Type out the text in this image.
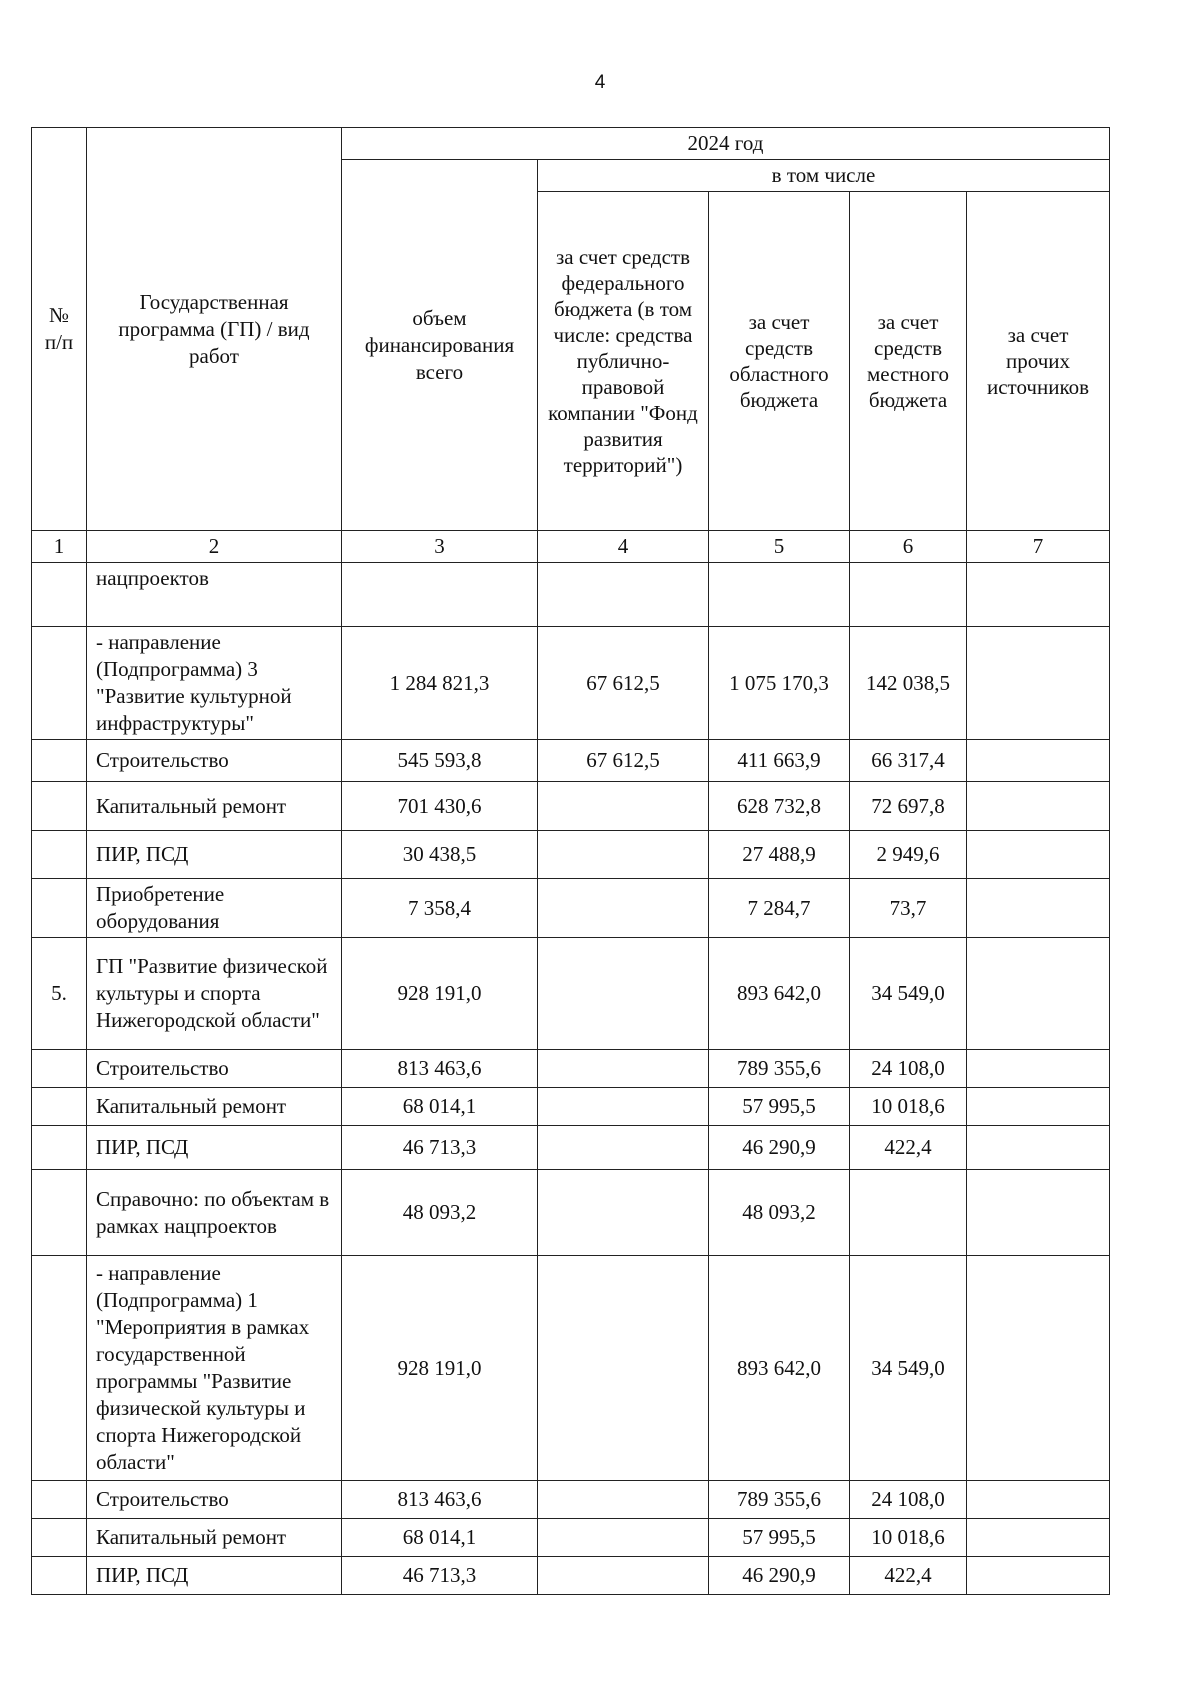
4
№ п/п	Государственная программа (ГП) / вид работ	2024 год				
		объем финансирования всего	в том числе			
			за счет средств федерального бюджета (в том числе: средства публично-правовой компании "Фонд развития территорий")	за счет средств областного бюджета	за счет средств местного бюджета	за счет прочих источников
1	2	3	4	5	6	7
	нацпроектов					
	- направление (Подпрограмма) 3 "Развитие культурной инфраструктуры"	1 284 821,3	67 612,5	1 075 170,3	142 038,5	
	Строительство	545 593,8	67 612,5	411 663,9	66 317,4	
	Капитальный ремонт	701 430,6		628 732,8	72 697,8	
	ПИР, ПСД	30 438,5		27 488,9	2 949,6	
	Приобретение оборудования	7 358,4		7 284,7	73,7	
5.	ГП "Развитие физической культуры и спорта Нижегородской области"	928 191,0		893 642,0	34 549,0	
	Строительство	813 463,6		789 355,6	24 108,0	
	Капитальный ремонт	68 014,1		57 995,5	10 018,6	
	ПИР, ПСД	46 713,3		46 290,9	422,4	
	Справочно: по объектам в рамках нацпроектов	48 093,2		48 093,2		
	- направление (Подпрограмма) 1 "Мероприятия в рамках государственной программы "Развитие физической культуры и спорта Нижегородской области"	928 191,0		893 642,0	34 549,0	
	Строительство	813 463,6		789 355,6	24 108,0	
	Капитальный ремонт	68 014,1		57 995,5	10 018,6	
	ПИР, ПСД	46 713,3		46 290,9	422,4	
